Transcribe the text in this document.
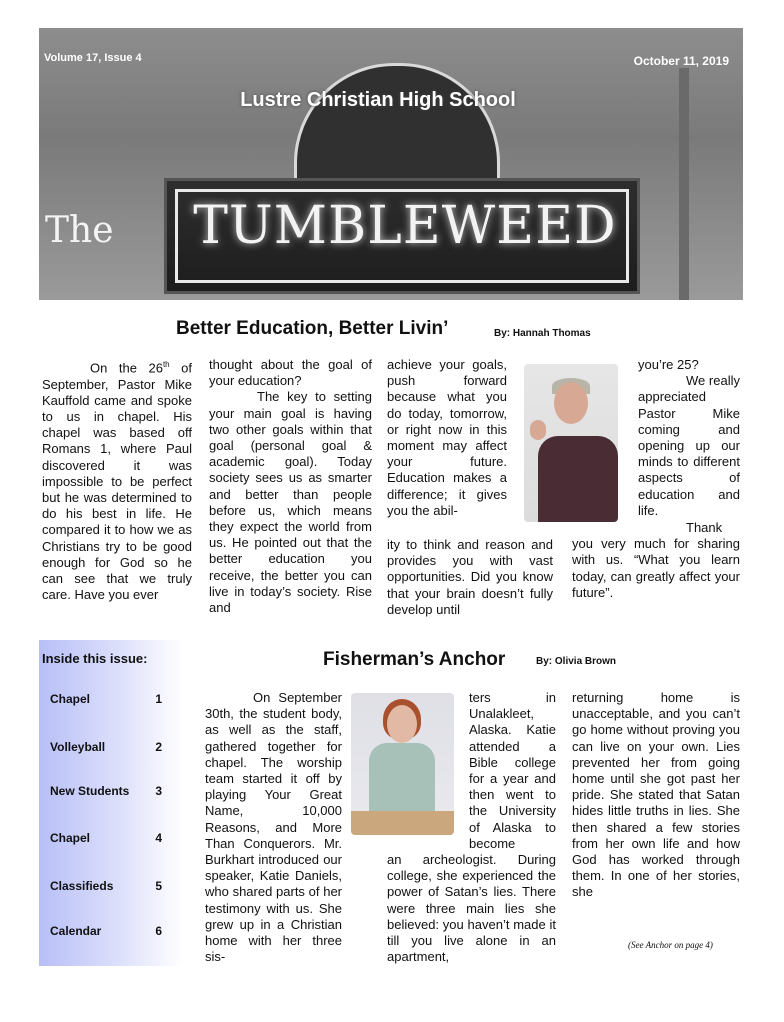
Volume 17, Issue 4	October 11, 2019
Lustre Christian High School
The	TUMBLEWEED
Better Education, Better Livin’	By: Hannah Thomas

On the 26th of September, Pastor Mike Kauffold came and spoke to us in chapel. His chapel was based off Romans 1, where Paul discovered it was impossible to be perfect but he was determined to do his best in life. He compared it to how we as Christians try to be good enough for God so he can see that we truly care. Have you ever

thought about the goal of your education?

The key to setting your main goal is having two other goals within that goal (personal goal & academic goal). Today society sees us as smarter and better than people before us, which means they expect the world from us. He pointed out that the better education you receive, the better you can live in today’s society. Rise and

achieve your goals, push forward because what you do today, tomorrow, or right now in this moment may affect your future. Education makes a difference; it gives you the abil-

ity to think and reason and provides you with vast opportunities. Did you know that your brain doesn’t fully develop until

you’re 25?

We really appreciated Pastor Mike coming and opening up our minds to different aspects of education and life.

Thank you very much for sharing with us. “What you learn today, can greatly affect your future”.

Inside this issue:
Chapel	1
Volleyball	2
New Students 3
Chapel	4
Classifieds	5
Calendar	6
Fisherman’s Anchor	By: Olivia Brown

On September 30th, the student body, as well as the staff, gathered together for chapel. The worship team started it off by playing Your Great Name, 10,000 Reasons, and More Than Conquerors. Mr. Burkhart introduced our speaker, Katie Daniels, who shared parts of her testimony with us. She grew up in a Christian home with her three sis-

ters in Unalakleet, Alaska. Katie attended a Bible college for a year and then went to the University of Alaska to become

an archeologist. During college, she experienced the power of Satan’s lies. There were three main lies she believed: you haven’t made it till you live alone in an apartment,

returning home is unacceptable, and you can’t go home without proving you can live on your own. Lies prevented her from going home until she got past her pride. She stated that Satan hides little truths in lies. She then shared a few stories from her own life and how God has worked through them. In one of her stories, she

(See Anchor on page 4)
